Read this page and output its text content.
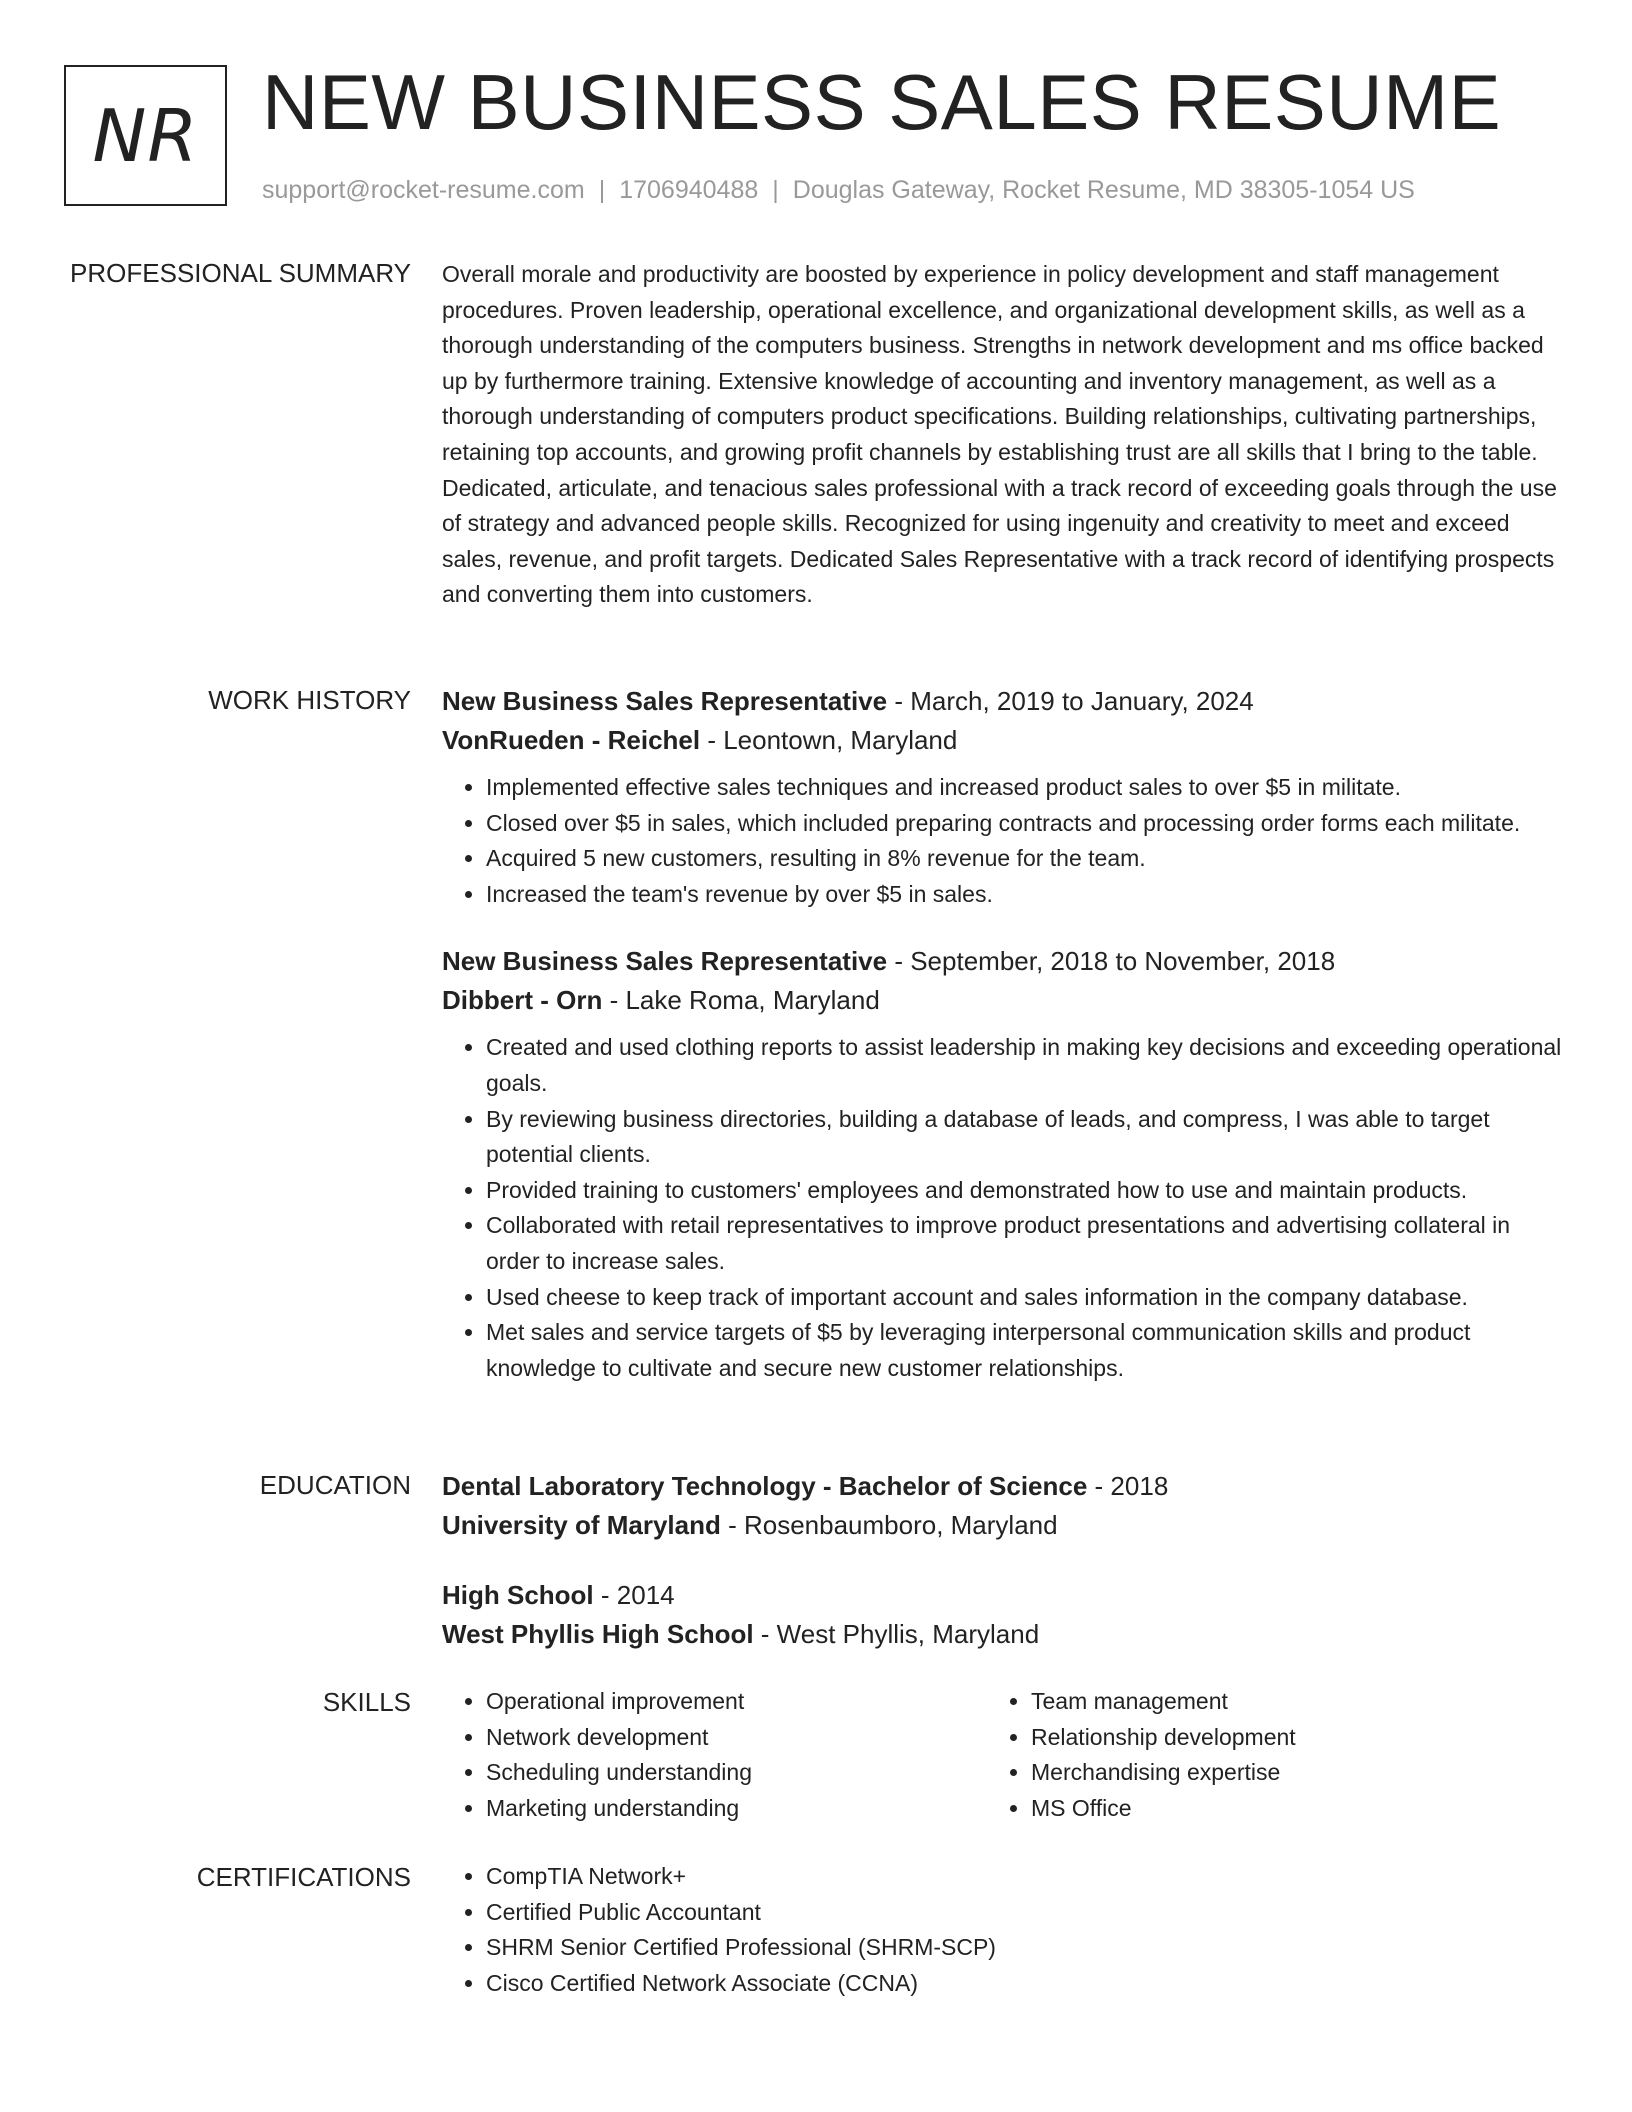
NR NEW BUSINESS SALES RESUME
support@rocket-resume.com | 1706940488 | Douglas Gateway, Rocket Resume, MD 38305-1054 US
PROFESSIONAL SUMMARY Overall morale and productivity are boosted by experience in policy development and staff management procedures. Proven leadership, operational excellence, and organizational development skills, as well as a thorough understanding of the computers business. Strengths in network development and ms office backed up by furthermore training. Extensive knowledge of accounting and inventory management, as well as a thorough understanding of computers product specifications. Building relationships, cultivating partnerships, retaining top accounts, and growing profit channels by establishing trust are all skills that I bring to the table. Dedicated, articulate, and tenacious sales professional with a track record of exceeding goals through the use of strategy and advanced people skills. Recognized for using ingenuity and creativity to meet and exceed sales, revenue, and profit targets. Dedicated Sales Representative with a track record of identifying prospects and converting them into customers.

WORK HISTORY New Business Sales Representative - March, 2019 to January, 2024
VonRueden - Reichel - Leontown, Maryland
• Implemented effective sales techniques and increased product sales to over $5 in militate.
• Closed over $5 in sales, which included preparing contracts and processing order forms each militate.
• Acquired 5 new customers, resulting in 8% revenue for the team.
• Increased the team's revenue by over $5 in sales.
New Business Sales Representative - September, 2018 to November, 2018
Dibbert - Orn - Lake Roma, Maryland
• Created and used clothing reports to assist leadership in making key decisions and exceeding operational goals.
• By reviewing business directories, building a database of leads, and compress, I was able to target potential clients.
• Provided training to customers' employees and demonstrated how to use and maintain products.
• Collaborated with retail representatives to improve product presentations and advertising collateral in order to increase sales.
• Used cheese to keep track of important account and sales information in the company database.
• Met sales and service targets of $5 by leveraging interpersonal communication skills and product knowledge to cultivate and secure new customer relationships.
EDUCATION Dental Laboratory Technology - Bachelor of Science - 2018
University of Maryland - Rosenbaumboro, Maryland
High School - 2014
West Phyllis High School - West Phyllis, Maryland
SKILLS	• Operational improvement
• Network development
• Scheduling understanding
• Marketing understanding
• Team management
• Relationship development
• Merchandising expertise
• MS Office
CERTIFICATIONS	• CompTIA Network+
• Certified Public Accountant
• SHRM Senior Certified Professional (SHRM-SCP)
• Cisco Certified Network Associate (CCNA)
